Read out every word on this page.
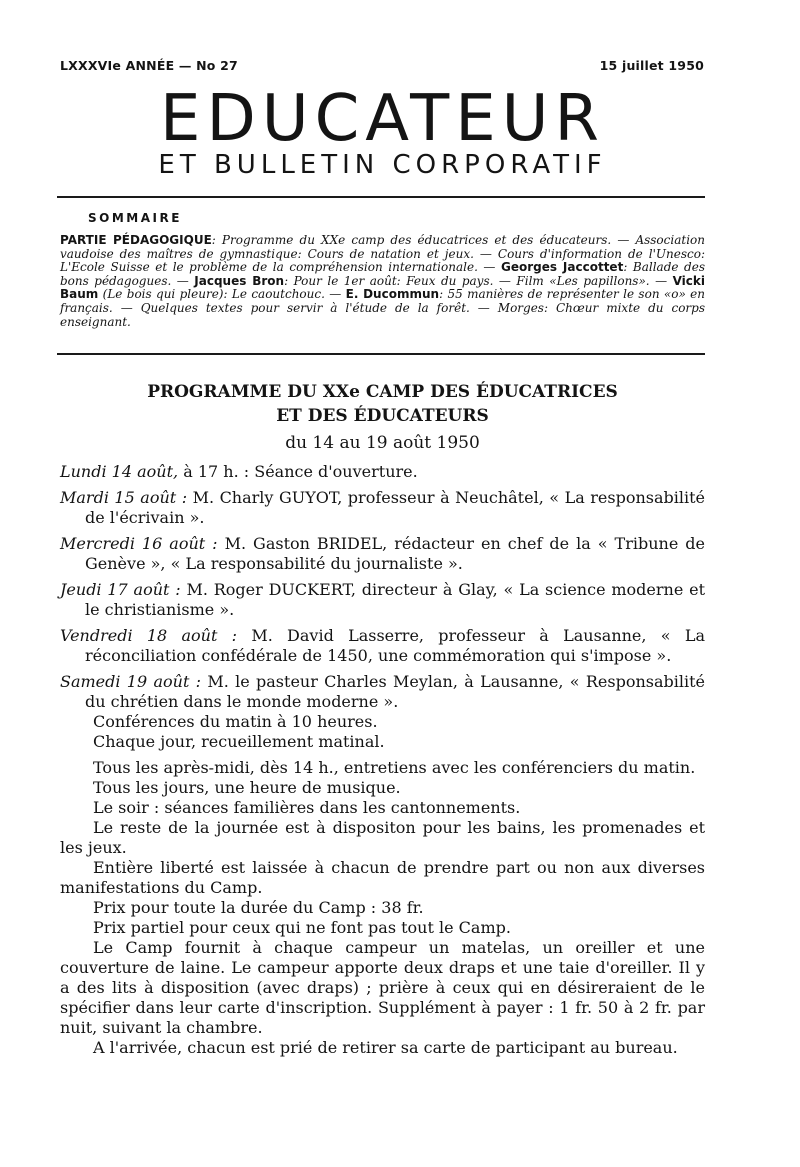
LXXXVIe ANNÉE — No 27	15 juillet 1950
EDUCATEUR
ET BULLETIN CORPORATIF
SOMMAIRE
PARTIE PÉDAGOGIQUE: Programme du XXe camp des éducatrices et des éducateurs. — Association vaudoise des maîtres de gymnastique: Cours de natation et jeux. — Cours d'information de l'Unesco: L'Ecole Suisse et le problème de la compréhension internationale. — Georges Jaccottet: Ballade des bons pédagogues. — Jacques Bron: Pour le 1er août: Feux du pays. — Film «Les papillons». — Vicki Baum (Le bois qui pleure): Le caoutchouc. — E. Ducommun: 55 manières de représenter le son «o» en français. — Quelques textes pour servir à l'étude de la forêt. — Morges: Chœur mixte du corps enseignant.
PROGRAMME DU XXe CAMP DES ÉDUCATRICES
ET DES ÉDUCATEURS
du 14 au 19 août 1950

Lundi 14 août, à 17 h. : Séance d'ouverture.

Mardi 15 août : M. Charly GUYOT, professeur à Neuchâtel, « La responsabilité de l'écrivain ».

Mercredi 16 août : M. Gaston BRIDEL, rédacteur en chef de la « Tribune de Genève », « La responsabilité du journaliste ».

Jeudi 17 août : M. Roger DUCKERT, directeur à Glay, « La science moderne et le christianisme ».

Vendredi 18 août : M. David Lasserre, professeur à Lausanne, « La réconciliation confédérale de 1450, une commémoration qui s'impose ».

Samedi 19 août : M. le pasteur Charles Meylan, à Lausanne, « Responsabilité du chrétien dans le monde moderne ».

Conférences du matin à 10 heures.

Chaque jour, recueillement matinal.

Tous les après-midi, dès 14 h., entretiens avec les conférenciers du matin.

Tous les jours, une heure de musique.

Le soir : séances familières dans les cantonnements.

Le reste de la journée est à dispositon pour les bains, les promenades et les jeux.

Entière liberté est laissée à chacun de prendre part ou non aux diverses manifestations du Camp.

Prix pour toute la durée du Camp : 38 fr.

Prix partiel pour ceux qui ne font pas tout le Camp.

Le Camp fournit à chaque campeur un matelas, un oreiller et une couverture de laine. Le campeur apporte deux draps et une taie d'oreiller. Il y a des lits à disposition (avec draps) ; prière à ceux qui en désireraient de le spécifier dans leur carte d'inscription. Supplément à payer : 1 fr. 50 à 2 fr. par nuit, suivant la chambre.

A l'arrivée, chacun est prié de retirer sa carte de participant au bureau.
